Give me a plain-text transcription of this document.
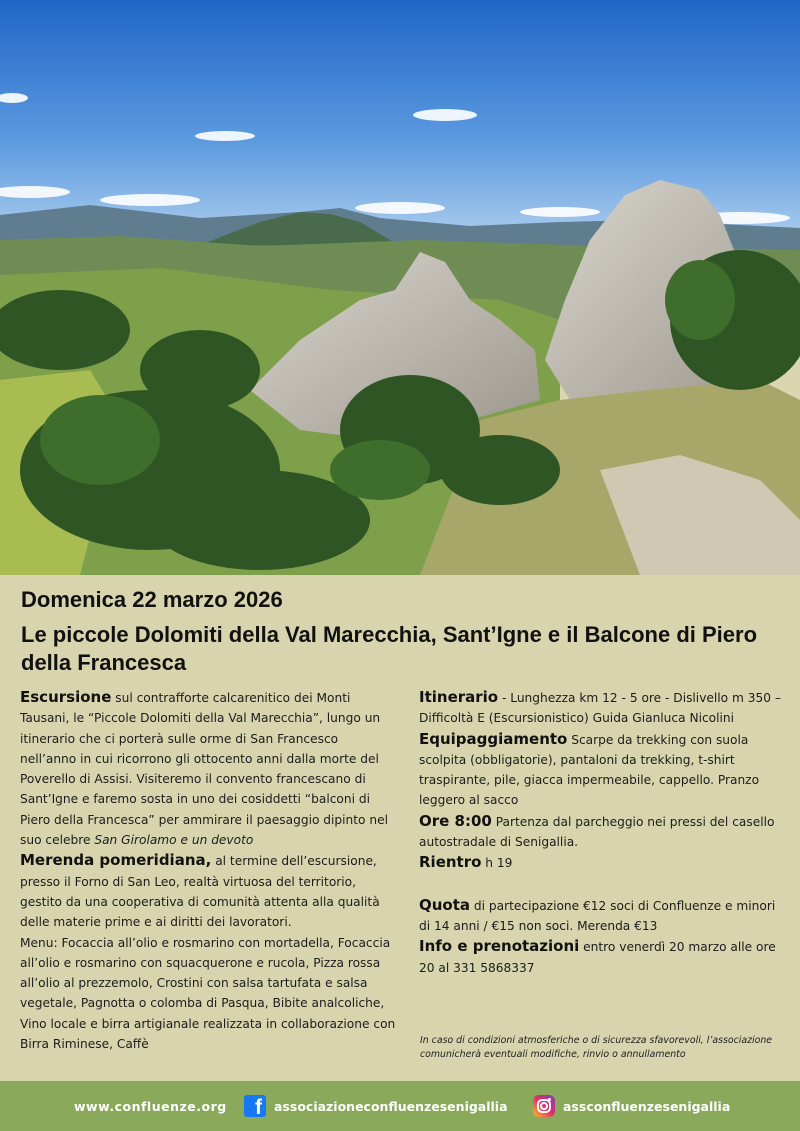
Domenica 22 marzo 2026
Le piccole Dolomiti della Val Marecchia, Sant’Igne e il Balcone di Piero della Francesca

Escursione sul contrafforte calcarenitico dei Monti Tausani, le “Piccole Dolomiti della Val Marecchia”, lungo un itinerario che ci porterà sulle orme di San Francesco nell’anno in cui ricorrono gli ottocento anni dalla morte del Poverello di Assisi. Visiteremo il convento francescano di Sant’Igne e faremo sosta in uno dei cosiddetti “balconi di Piero della Francesca” per ammirare il paesaggio dipinto nel suo celebre San Girolamo e un devoto

Merenda pomeridiana, al termine dell’escursione, presso il Forno di San Leo, realtà virtuosa del territorio, gestito da una cooperativa di comunità attenta alla qualità delle materie prime e ai diritti dei lavoratori.

Menu: Focaccia all’olio e rosmarino con mortadella, Focaccia all’olio e rosmarino con squacquerone e rucola, Pizza rossa all’olio al prezzemolo, Crostini con salsa tartufata e salsa vegetale, Pagnotta o colomba di Pasqua, Bibite analcoliche, Vino locale e birra artigianale realizzata in collaborazione con Birra Riminese, Caffè

Itinerario - Lunghezza km 12 - 5 ore - Dislivello m 350 – Difficoltà E (Escursionistico) Guida Gianluca Nicolini

Equipaggiamento Scarpe da trekking con suola scolpita (obbligatorie), pantaloni da trekking, t-shirt traspirante, pile, giacca impermeabile, cappello. Pranzo leggero al sacco

Ore 8:00 Partenza dal parcheggio nei pressi del casello autostradale di Senigallia.

Rientro h 19

Quota di partecipazione €12 soci di Confluenze e minori di 14 anni / €15 non soci. Merenda €13

Info e prenotazioni entro venerdì 20 marzo alle ore 20 al 331 5868337

In caso di condizioni atmosferiche o di sicurezza sfavorevoli, l’associazione comunicherà eventuali modifiche, rinvio o annullamento

www.confluenze.org	f associazioneconfluenzesenigallia	assconfluenzesenigallia
